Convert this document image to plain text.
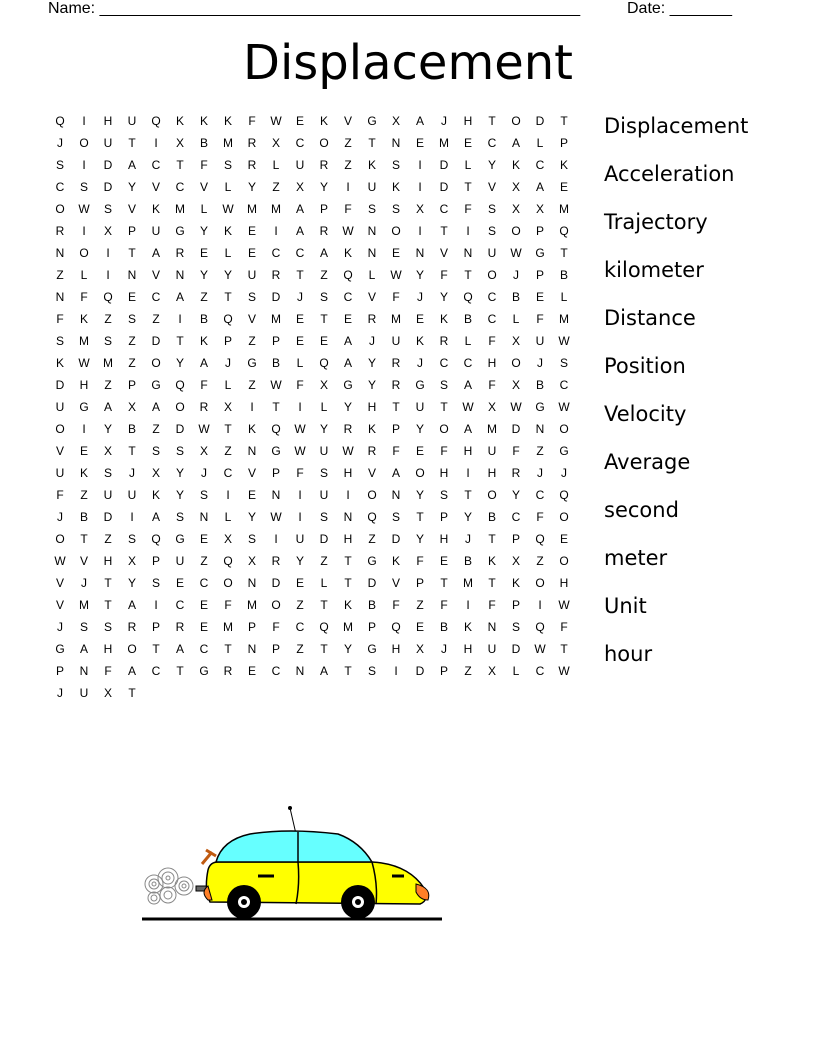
Name: ______________________________________________________	Date: _______
Displacement
Q	I	H	U	Q	K	K	K	F	W	E	K	V	G	X	A	J	H	T	O	D	T
J	O	U	T	I	X	B	M	R	X	C	O	Z	T	N	E	M	E	C	A	L	P
S	I	D	A	C	T	F	S	R	L	U	R	Z	K	S	I	D	L	Y	K	C	K
C	S	D	Y	V	C	V	L	Y	Z	X	Y	I	U	K	I	D	T	V	X	A	E
O	W	S	V	K	M	L	W	M	M	A	P	F	S	S	X	C	F	S	X	X	M
R	I	X	P	U	G	Y	K	E	I	A	R	W	N	O	I	T	I	S	O	P	Q
N	O	I	T	A	R	E	L	E	C	C	A	K	N	E	N	V	N	U	W	G	T
Z	L	I	N	V	N	Y	Y	U	R	T	Z	Q	L	W	Y	F	T	O	J	P	B
N	F	Q	E	C	A	Z	T	S	D	J	S	C	V	F	J	Y	Q	C	B	E	L
F	K	Z	S	Z	I	B	Q	V	M	E	T	E	R	M	E	K	B	C	L	F	M
S	M	S	Z	D	T	K	P	Z	P	E	E	A	J	U	K	R	L	F	X	U	W
K	W	M	Z	O	Y	A	J	G	B	L	Q	A	Y	R	J	C	C	H	O	J	S
D	H	Z	P	G	Q	F	L	Z	W	F	X	G	Y	R	G	S	A	F	X	B	C
U	G	A	X	A	O	R	X	I	T	I	L	Y	H	T	U	T	W	X	W	G	W
O	I	Y	B	Z	D	W	T	K	Q	W	Y	R	K	P	Y	O	A	M	D	N	O
V	E	X	T	S	S	X	Z	N	G	W	U	W	R	F	E	F	H	U	F	Z	G
U	K	S	J	X	Y	J	C	V	P	F	S	H	V	A	O	H	I	H	R	J	J
F	Z	U	U	K	Y	S	I	E	N	I	U	I	O	N	Y	S	T	O	Y	C	Q
J	B	D	I	A	S	N	L	Y	W	I	S	N	Q	S	T	P	Y	B	C	F	O
O	T	Z	S	Q	G	E	X	S	I	U	D	H	Z	D	Y	H	J	T	P	Q	E
W	V	H	X	P	U	Z	Q	X	R	Y	Z	T	G	K	F	E	B	K	X	Z	O
V	J	T	Y	S	E	C	O	N	D	E	L	T	D	V	P	T	M	T	K	O	H
V	M	T	A	I	C	E	F	M	O	Z	T	K	B	F	Z	F	I	F	P	I	W
J	S	S	R	P	R	E	M	P	F	C	Q	M	P	Q	E	B	K	N	S	Q	F
G	A	H	O	T	A	C	T	N	P	Z	T	Y	G	H	X	J	H	U	D	W	T
P	N	F	A	C	T	G	R	E	C	N	A	T	S	I	D	P	Z	X	L	C	W
J	U	X	T
Displacement
Acceleration
Trajectory
kilometer
Distance
Position
Velocity
Average
second
meter
Unit
hour
